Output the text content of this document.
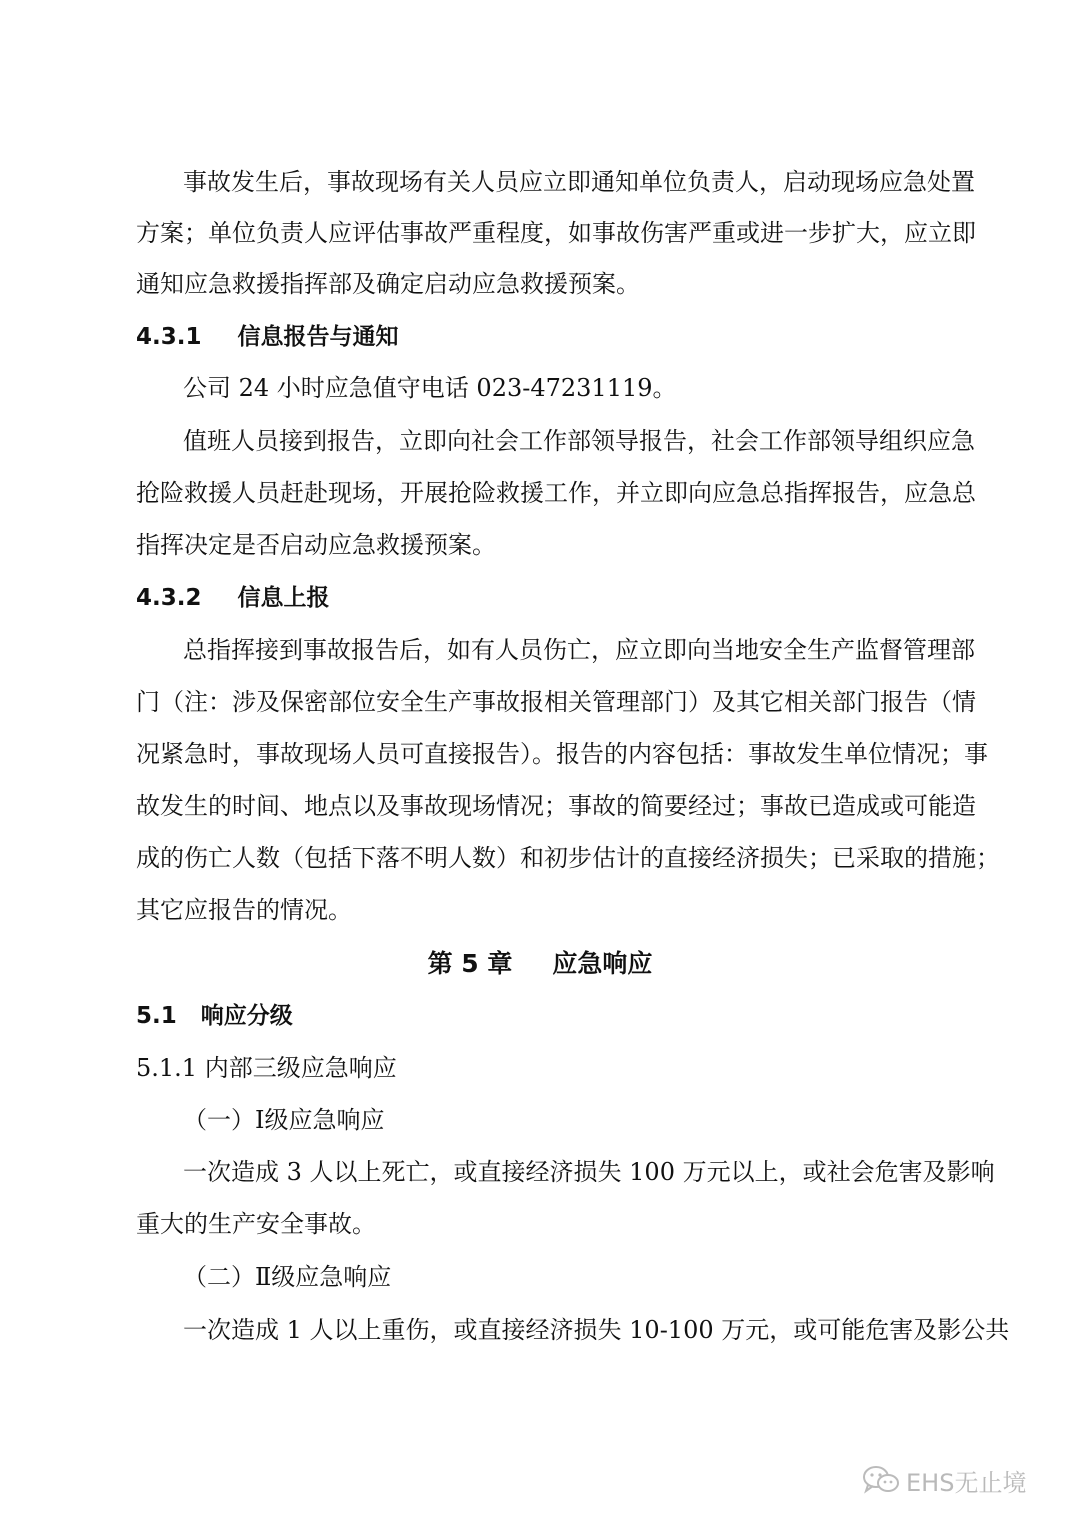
事故发生后，事故现场有关人员应立即通知单位负责人，启动现场应急处置
方案；单位负责人应评估事故严重程度，如事故伤害严重或进一步扩大，应立即
通知应急救援指挥部及确定启动应急救援预案。
4.3.1 信息报告与通知
公司 24 小时应急值守电话 023-47231119。
值班人员接到报告，立即向社会工作部领导报告，社会工作部领导组织应急
抢险救援人员赶赴现场，开展抢险救援工作，并立即向应急总指挥报告，应急总
指挥决定是否启动应急救援预案。
4.3.2 信息上报
总指挥接到事故报告后，如有人员伤亡，应立即向当地安全生产监督管理部
门（注：涉及保密部位安全生产事故报相关管理部门）及其它相关部门报告（情
况紧急时，事故现场人员可直接报告）。报告的内容包括：事故发生单位情况；事
故发生的时间、地点以及事故现场情况；事故的简要经过；事故已造成或可能造
成的伤亡人数（包括下落不明人数）和初步估计的直接经济损失；已采取的措施；
其它应报告的情况。
第 5 章 应急响应
5.1 响应分级
5.1.1 内部三级应急响应
（一）Ⅰ级应急响应
一次造成 3 人以上死亡，或直接经济损失 100 万元以上，或社会危害及影响
重大的生产安全事故。
（二）Ⅱ级应急响应
一次造成 1 人以上重伤，或直接经济损失 10-100 万元，或可能危害及影公共
EHS无止境
